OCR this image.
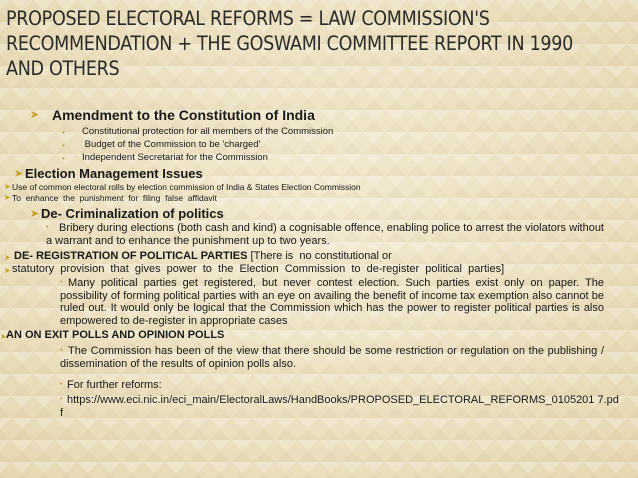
PROPOSED ELECTORAL REFORMS = LAW COMMISSION'S
RECOMMENDATION + THE GOSWAMI COMMITTEE REPORT IN 1990
AND OTHERS
➤ Amendment to the Constitution of India
• Constitutional protection for all members of the Commission
• Budget of the Commission to be 'charged'
• Independent Secretariat for the Commission
➤ Election Management Issues
➤ Use of common electoral rolls by election commission of India & States Election Commission
➤ To  enhance  the  punishment  for  filing  false  affidavit
➤ De- Criminalization of politics
• Bribery during elections (both cash and kind) a cognisable offence, enabling police to arrest the violators without a warrant and to enhance the punishment up to two years.
➤ DE- REGISTRATION OF POLITICAL PARTIES [There is  no constitutional or
➤ statutory  provision  that  gives  power  to  the  Election  Commission  to  de-register  political  parties]
• Many political parties get registered, but never contest election. Such parties exist only on paper. The possibility of forming political parties with an eye on availing the benefit of income tax exemption also cannot be ruled out. It would only be logical that the Commission which has the power to register political parties is also empowered to de-register in appropriate cases
➤ AN ON EXIT POLLS AND OPINION POLLS
• The Commission has been of the view that there should be some restriction or regulation on the publishing / dissemination of the results of opinion polls also.
• For further reforms:
• https://www.eci.nic.in/eci_main/ElectoralLaws/HandBooks/PROPOSED_ELECTORAL_REFORMS_0105201 7.pdf
